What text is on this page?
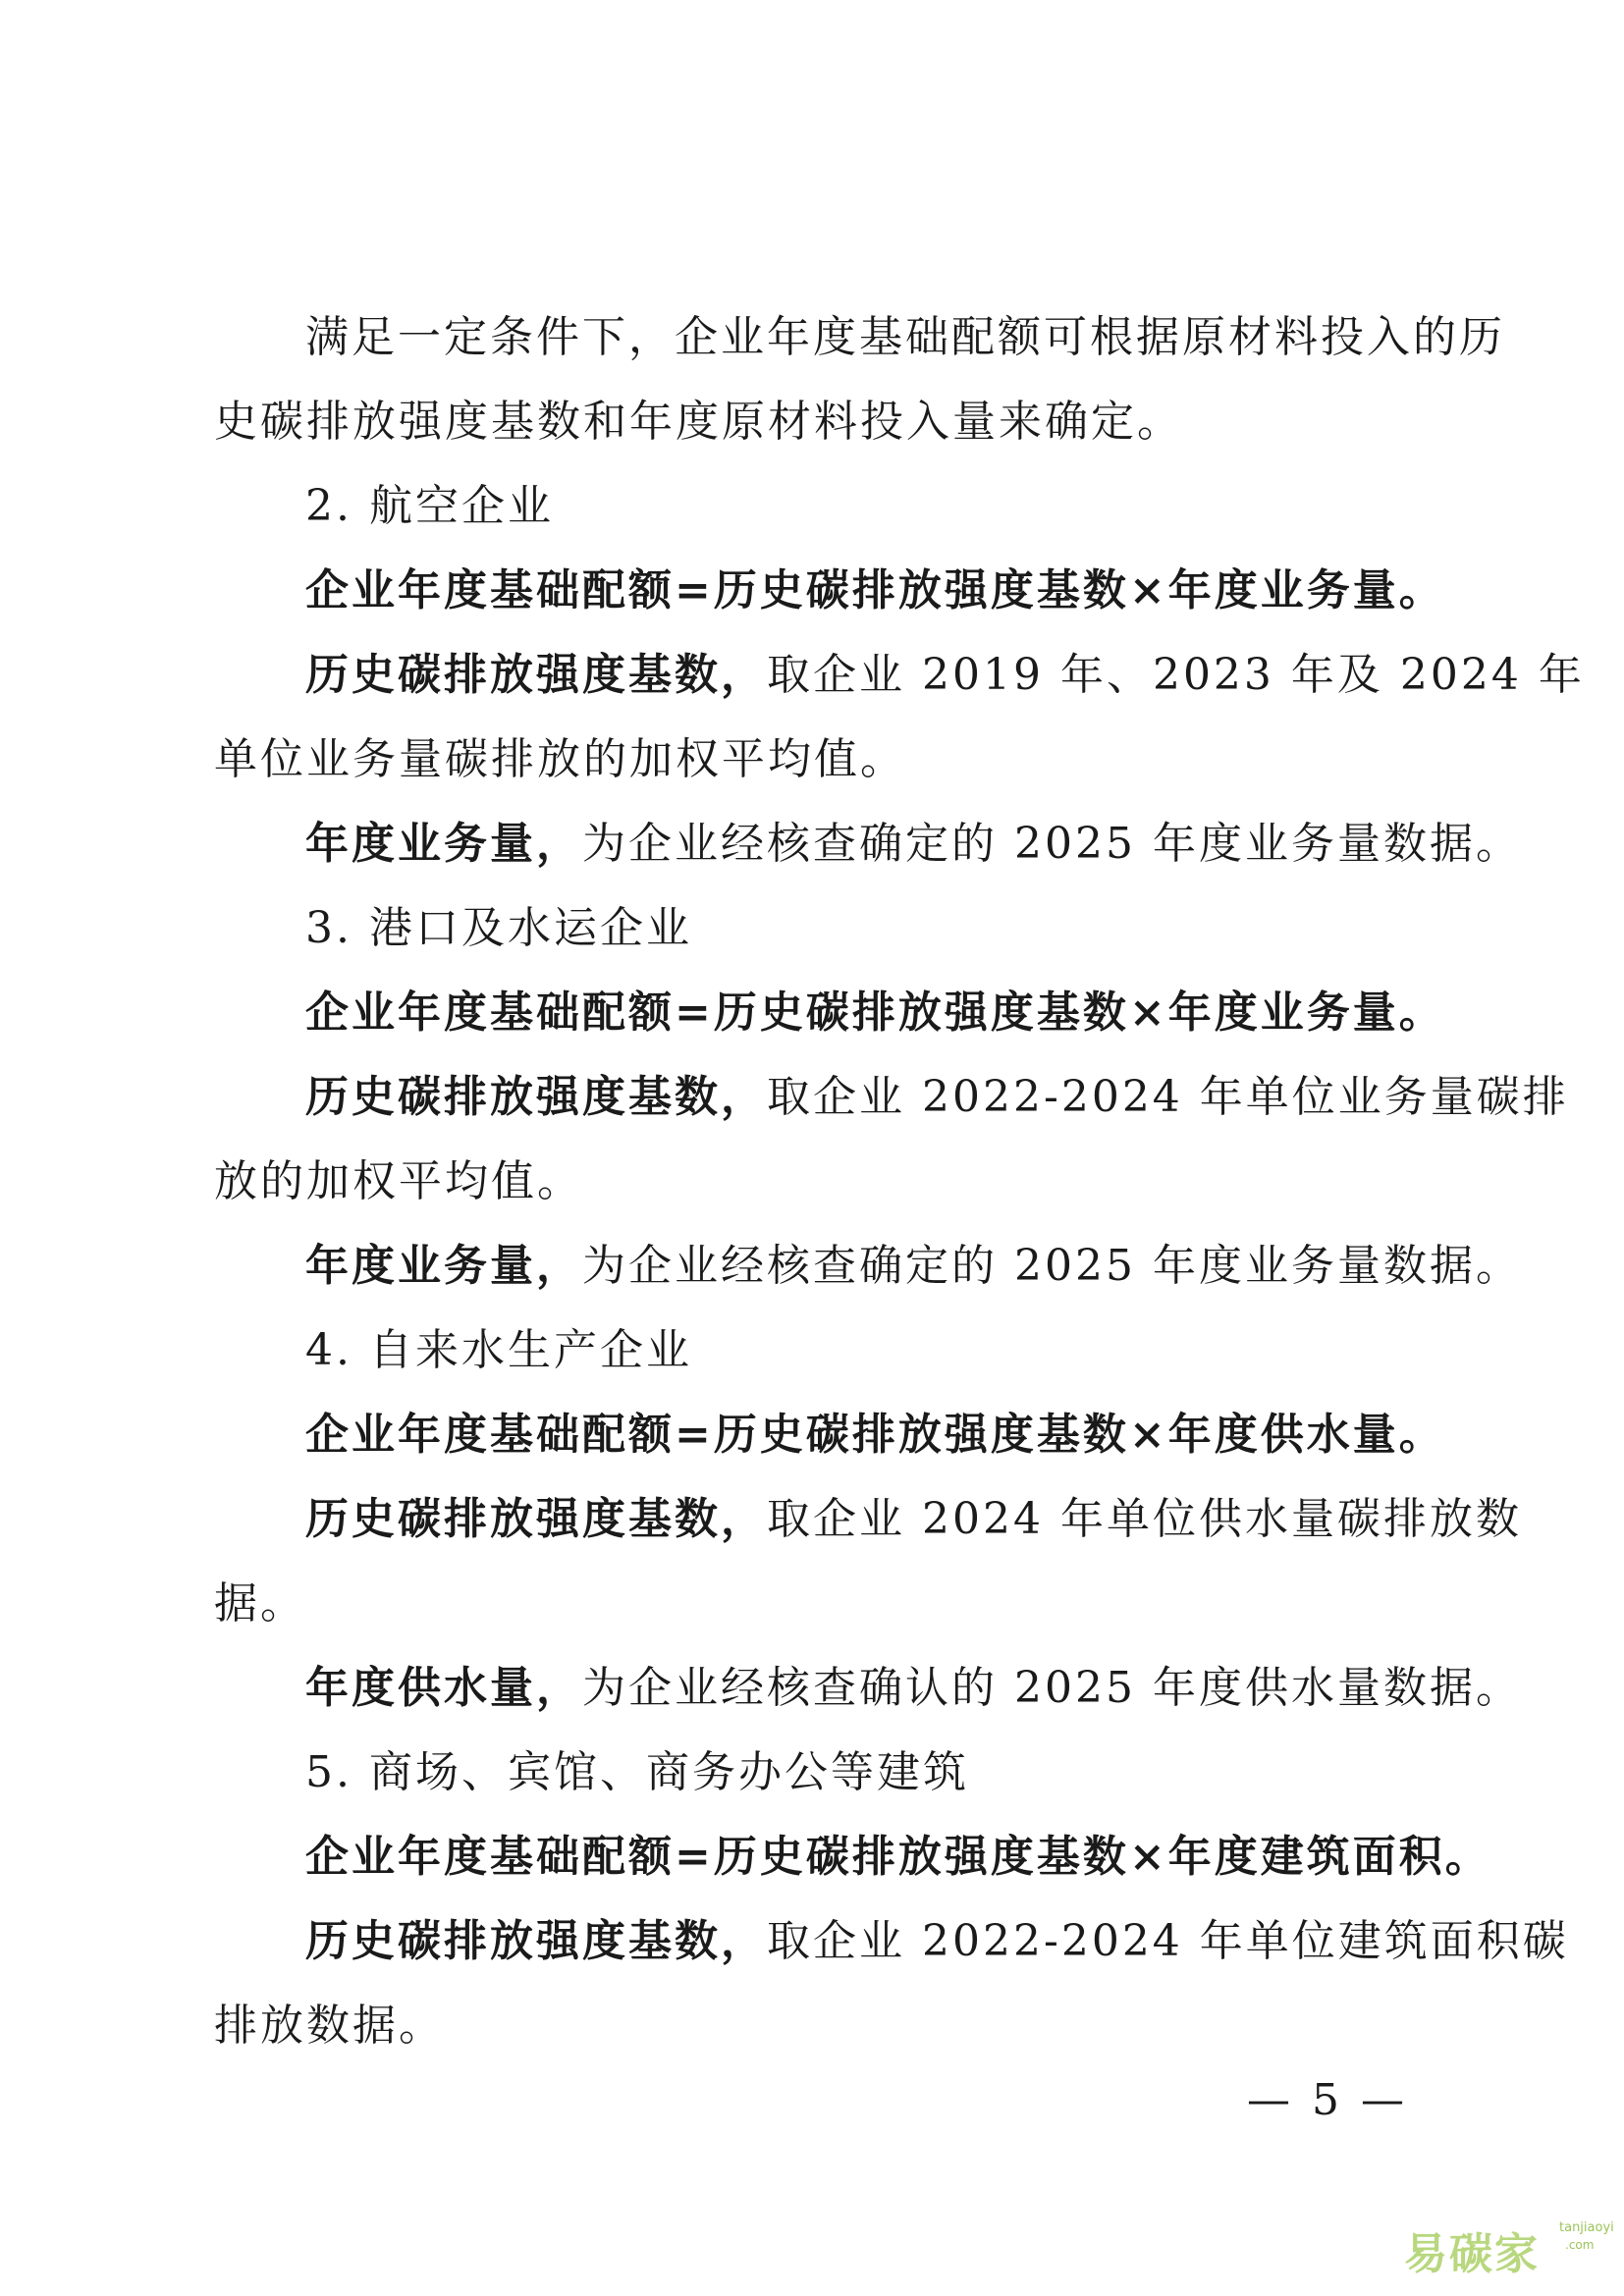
满足一定条件下，企业年度基础配额可根据原材料投入的历
史碳排放强度基数和年度原材料投入量来确定。
2. 航空企业
企业年度基础配额=历史碳排放强度基数×年度业务量。
历史碳排放强度基数，取企业 2019 年、2023 年及 2024 年
单位业务量碳排放的加权平均值。
年度业务量，为企业经核查确定的 2025 年度业务量数据。
3. 港口及水运企业
企业年度基础配额=历史碳排放强度基数×年度业务量。
历史碳排放强度基数，取企业 2022-2024 年单位业务量碳排
放的加权平均值。
年度业务量，为企业经核查确定的 2025 年度业务量数据。
4. 自来水生产企业
企业年度基础配额=历史碳排放强度基数×年度供水量。
历史碳排放强度基数，取企业 2024 年单位供水量碳排放数
据。
年度供水量，为企业经核查确认的 2025 年度供水量数据。
5. 商场、宾馆、商务办公等建筑
企业年度基础配额=历史碳排放强度基数×年度建筑面积。
历史碳排放强度基数，取企业 2022-2024 年单位建筑面积碳
排放数据。
— 5 —
易碳家
tanjiaoyi
.com
